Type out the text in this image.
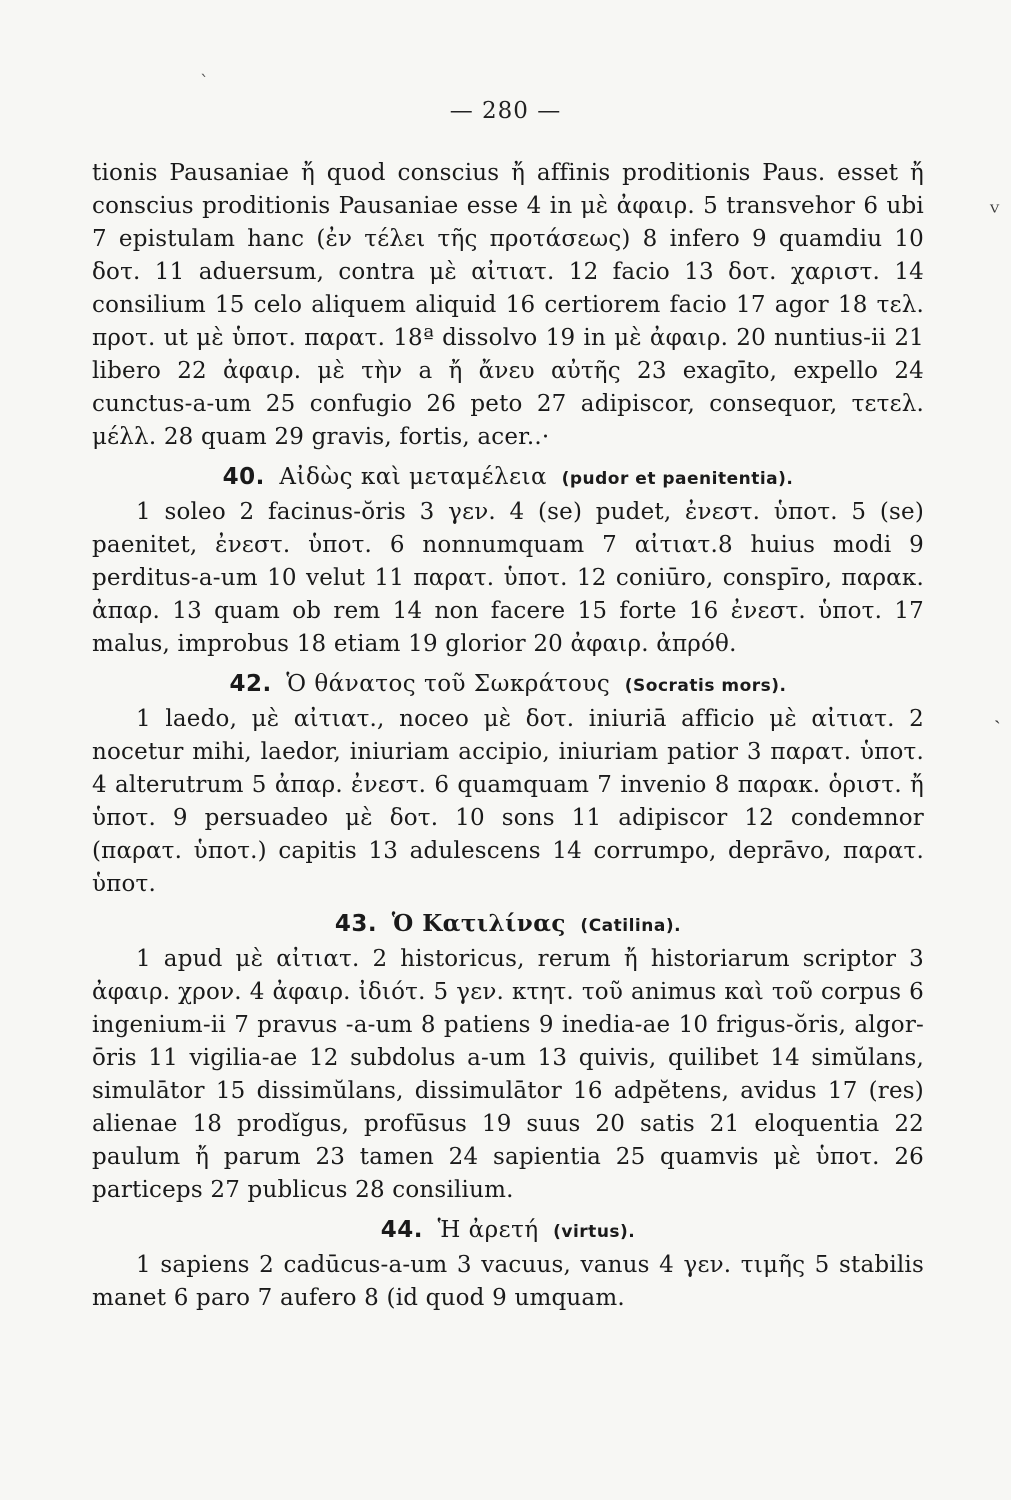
ˋ
— 280 —
ⱽ
ˎ

tionis Pausaniae ἤ quod conscius ἤ affinis proditionis Paus. esset ἤ conscius proditionis Pausaniae esse 4 in μὲ ἀφαιρ. 5 transvehor 6 ubi 7 epistulam hanc (ἐν τέλει τῆς προτάσεως) 8 infero 9 quamdiu 10 δοτ. 11 aduersum, contra μὲ αἰτιατ. 12 facio 13 δοτ. χαριστ. 14 consilium 15 celo aliquem aliquid 16 certiorem facio 17 agor 18 τελ. προτ. ut μὲ ὑποτ. παρατ. 18ª dissolvo 19 in μὲ ἀφαιρ. 20 nuntius-ii 21 libero 22 ἀφαιρ. μὲ τὴν a ἤ ἄνευ αὐτῆς 23 exagīto, expello 24 cunctus-a-um 25 confugio 26 peto 27 adipiscor, consequor, τετελ. μέλλ. 28 quam 29 gravis, fortis, acer..·

40. Αἰδὼς καὶ μεταμέλεια (pudor et paenitentia).

1 soleo 2 facinus-ŏris 3 γεν. 4 (se) pudet, ἐνεστ. ὑποτ. 5 (se) paenitet, ἐνεστ. ὑποτ. 6 nonnumquam 7 αἰτιατ.8 huius modi 9 perditus-a-um 10 velut 11 παρατ. ὑποτ. 12 coniūro, conspīro, παρακ. ἀπαρ. 13 quam ob rem 14 non facere 15 forte 16 ἐνεστ. ὑποτ. 17 malus, improbus 18 etiam 19 glorior 20 ἀφαιρ. ἀπρόθ.

42. Ὁ θάνατος τοῦ Σωκράτους (Socratis mors).

1 laedo, μὲ αἰτιατ., noceo μὲ δοτ. iniuriā afficio μὲ αἰτιατ. 2 nocetur mihi, laedor, iniuriam accipio, iniuriam patior 3 παρατ. ὑποτ. 4 alterutrum 5 ἀπαρ. ἐνεστ. 6 quamquam 7 invenio 8 παρακ. ὁριστ. ἤ ὑποτ. 9 persuadeo μὲ δοτ. 10 sons 11 adipiscor 12 condemnor (παρατ. ὑποτ.) capitis 13 adulescens 14 corrumpo, deprāvo, παρατ. ὑποτ.

43. Ὁ Κατιλίνας (Catilina).

1 apud μὲ αἰτιατ. 2 historicus, rerum ἤ historiarum scriptor 3 ἀφαιρ. χρον. 4 ἀφαιρ. ἰδιότ. 5 γεν. κτητ. τοῦ animus καὶ τοῦ corpus 6 ingenium-ii 7 pravus -a-um 8 patiens 9 inedia-ae 10 frigus-ŏris, algor-ōris 11 vigilia-ae 12 subdolus a-um 13 quivis, quilibet 14 simŭlans, simulātor 15 dissimŭlans, dissimulātor 16 adpĕtens, avidus 17 (res) alienae 18 prodĭgus, profūsus 19 suus 20 satis 21 eloquentia 22 paulum ἤ parum 23 tamen 24 sapientia 25 quamvis μὲ ὑποτ. 26 particeps 27 publicus 28 consilium.

44. Ἡ ἀρετή (virtus).

1 sapiens 2 cadūcus-a-um 3 vacuus, vanus 4 γεν. τιμῆς 5 stabilis manet 6 paro 7 aufero 8 (id quod 9 umquam.
